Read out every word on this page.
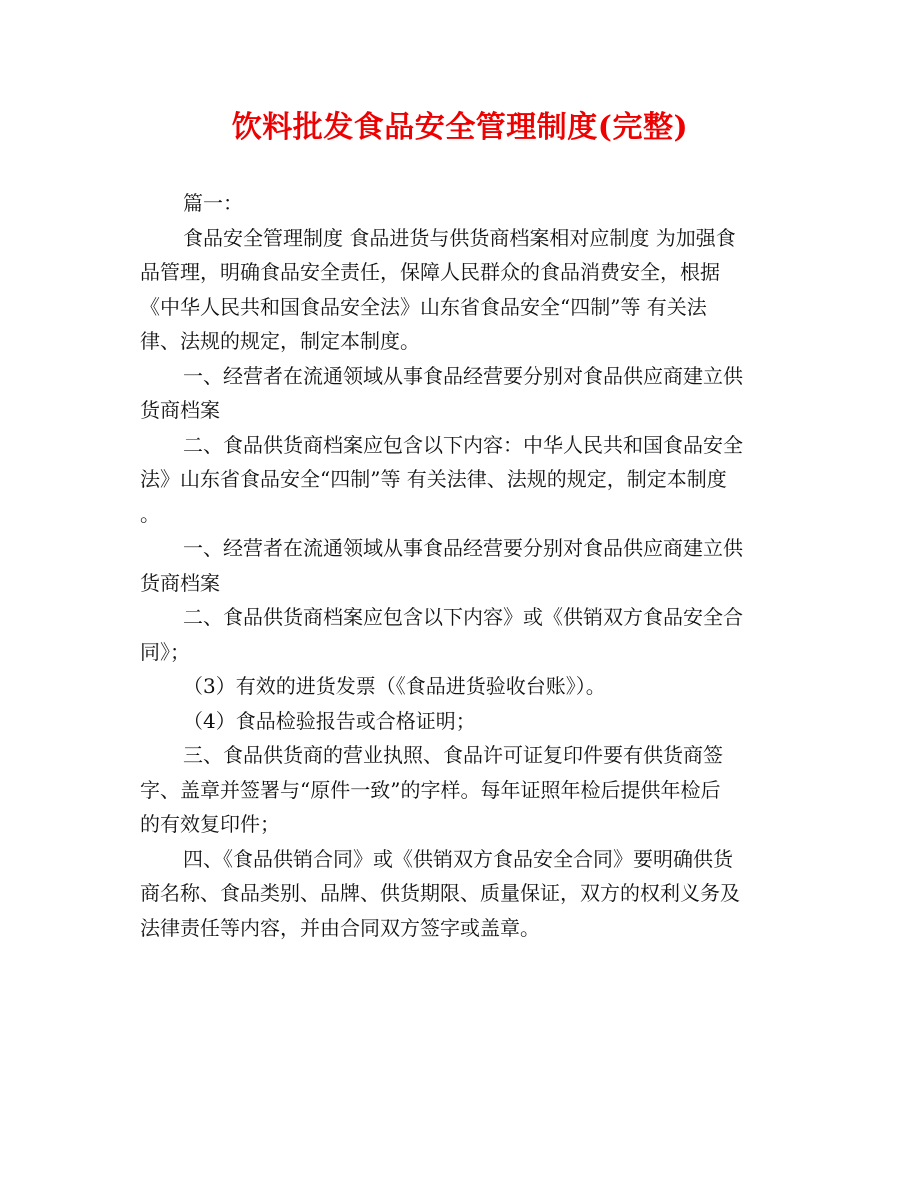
饮料批发食品安全管理制度(完整)
篇一：
食品安全管理制度 食品进货与供货商档案相对应制度 为加强食
品管理，明确食品安全责任，保障人民群众的食品消费安全，根据
《中华人民共和国食品安全法》山东省食品安全“四制”等 有关法
律、法规的规定，制定本制度。
一、经营者在流通领域从事食品经营要分别对食品供应商建立供
货商档案
二、食品供货商档案应包含以下内容：中华人民共和国食品安全
法》山东省食品安全“四制”等 有关法律、法规的规定，制定本制度
。
一、经营者在流通领域从事食品经营要分别对食品供应商建立供
货商档案
二、食品供货商档案应包含以下内容》或《供销双方食品安全合
同》；
（3）有效的进货发票（《食品进货验收台账》）。
（4）食品检验报告或合格证明；
三、食品供货商的营业执照、食品许可证复印件要有供货商签
字、盖章并签署与“原件一致”的字样。每年证照年检后提供年检后
的有效复印件；
四、《食品供销合同》或《供销双方食品安全合同》要明确供货
商名称、食品类别、品牌、供货期限、质量保证，双方的权利义务及
法律责任等内容，并由合同双方签字或盖章。
